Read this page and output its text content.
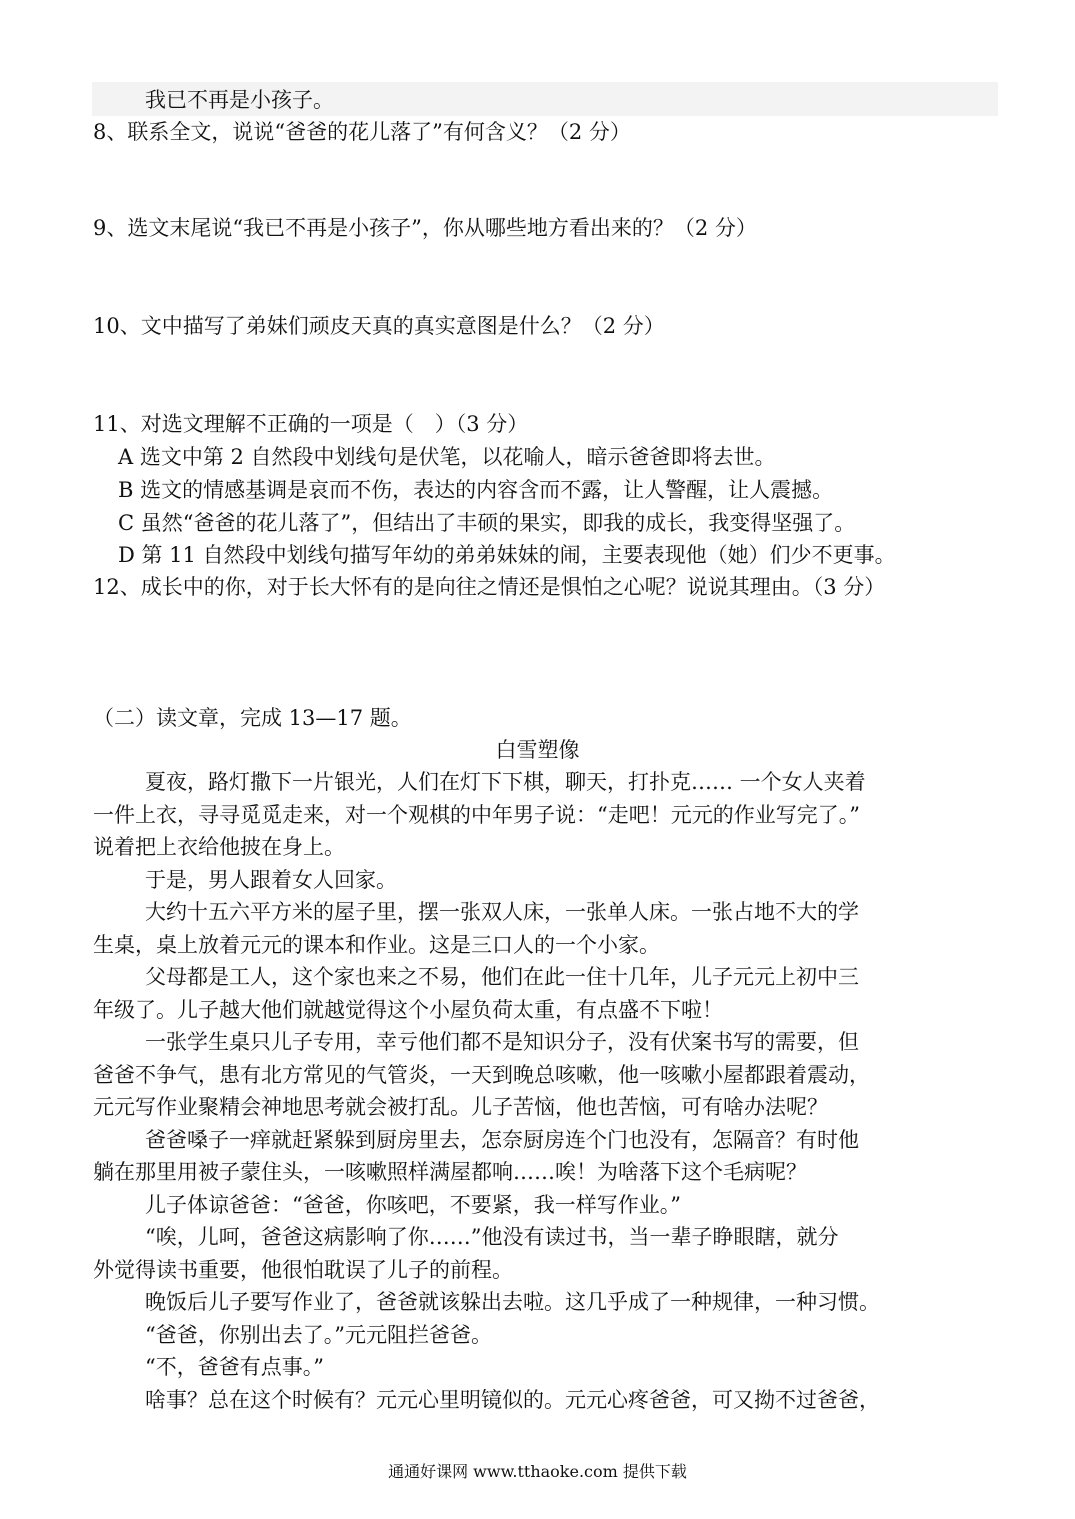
我已不再是小孩子。
8、联系全文，说说“爸爸的花儿落了”有何含义？（2 分）
9、选文末尾说“我已不再是小孩子”，你从哪些地方看出来的？（2 分）
10、文中描写了弟妹们顽皮天真的真实意图是什么？（2 分）
11、对选文理解不正确的一项是（　）（3 分）
A 选文中第 2 自然段中划线句是伏笔，以花喻人，暗示爸爸即将去世。
B 选文的情感基调是哀而不伤，表达的内容含而不露，让人警醒，让人震撼。
C 虽然“爸爸的花儿落了”，但结出了丰硕的果实，即我的成长，我变得坚强了。
D 第 11 自然段中划线句描写年幼的弟弟妹妹的闹，主要表现他（她）们少不更事。
12、成长中的你，对于长大怀有的是向往之情还是惧怕之心呢？说说其理由。（3 分）
（二）读文章，完成 13—17 题。
白雪塑像
夏夜，路灯撒下一片银光，人们在灯下下棋，聊天，打扑克…… 一个女人夹着
一件上衣，寻寻觅觅走来，对一个观棋的中年男子说：“走吧！元元的作业写完了。”
说着把上衣给他披在身上。
于是，男人跟着女人回家。
大约十五六平方米的屋子里，摆一张双人床，一张单人床。一张占地不大的学
生桌，桌上放着元元的课本和作业。这是三口人的一个小家。
父母都是工人，这个家也来之不易，他们在此一住十几年，儿子元元上初中三
年级了。儿子越大他们就越觉得这个小屋负荷太重，有点盛不下啦！
一张学生桌只儿子专用，幸亏他们都不是知识分子，没有伏案书写的需要，但
爸爸不争气，患有北方常见的气管炎，一天到晚总咳嗽，他一咳嗽小屋都跟着震动，
元元写作业聚精会神地思考就会被打乱。儿子苦恼，他也苦恼，可有啥办法呢？
爸爸嗓子一痒就赶紧躲到厨房里去，怎奈厨房连个门也没有，怎隔音？有时他
躺在那里用被子蒙住头，一咳嗽照样满屋都响……唉！为啥落下这个毛病呢？
儿子体谅爸爸：“爸爸，你咳吧，不要紧，我一样写作业。”
“唉，儿呵，爸爸这病影响了你……”他没有读过书，当一辈子睁眼瞎，就分
外觉得读书重要，他很怕耽误了儿子的前程。
晚饭后儿子要写作业了，爸爸就该躲出去啦。这几乎成了一种规律，一种习惯。
“爸爸，你别出去了。”元元阻拦爸爸。
“不，爸爸有点事。”
啥事？总在这个时候有？元元心里明镜似的。元元心疼爸爸，可又拗不过爸爸，
通通好课网 www.tthaoke.com 提供下载
